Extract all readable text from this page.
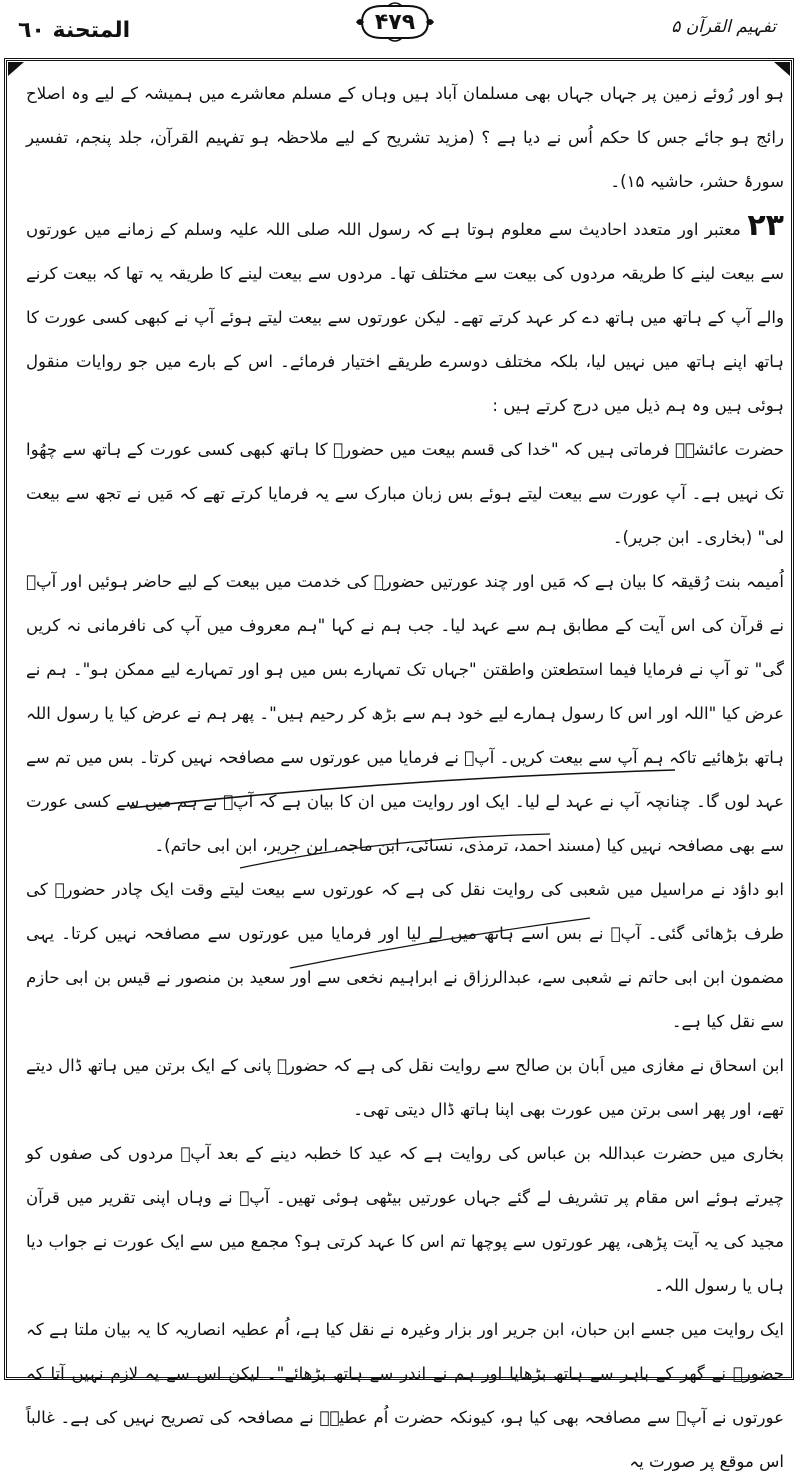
المتحنة ٦٠	۴۷۹	تفہیم القرآن ۵

ہو اور رُوئے زمین پر جہاں جہاں بھی مسلمان آباد ہیں وہاں کے مسلم معاشرے میں ہمیشہ کے لیے وہ اصلاح رائج ہو جائے جس کا حکم اُس نے دیا ہے ؟ (مزید تشریح کے لیے ملاحظہ ہو تفہیم القرآن، جلد پنجم، تفسیر سورۂ حشر، حاشیہ ۱۵)۔

۲۳ معتبر اور متعدد احادیث سے معلوم ہوتا ہے کہ رسول اللہ صلی اللہ علیہ وسلم کے زمانے میں عورتوں سے بیعت لینے کا طریقہ مردوں کی بیعت سے مختلف تھا۔ مردوں سے بیعت لینے کا طریقہ یہ تھا کہ بیعت کرنے والے آپ کے ہاتھ میں ہاتھ دے کر عہد کرتے تھے۔ لیکن عورتوں سے بیعت لیتے ہوئے آپ نے کبھی کسی عورت کا ہاتھ اپنے ہاتھ میں نہیں لیا، بلکہ مختلف دوسرے طریقے اختیار فرمائے۔ اس کے بارے میں جو روایات منقول ہوئی ہیں وہ ہم ذیل میں درج کرتے ہیں :

حضرت عائشہؓ فرماتی ہیں کہ "خدا کی قسم بیعت میں حضورؐ کا ہاتھ کبھی کسی عورت کے ہاتھ سے چھُوا تک نہیں ہے۔ آپ عورت سے بیعت لیتے ہوئے بس زبان مبارک سے یہ فرمایا کرتے تھے کہ مَیں نے تجھ سے بیعت لی" (بخاری۔ ابن جریر)۔

اُمیمہ بنت رُقیقہ کا بیان ہے کہ مَیں اور چند عورتیں حضورؐ کی خدمت میں بیعت کے لیے حاضر ہوئیں اور آپؐ نے قرآن کی اس آیت کے مطابق ہم سے عہد لیا۔ جب ہم نے کہا "ہم معروف میں آپ کی نافرمانی نہ کریں گی" تو آپ نے فرمایا فیما استطعتن واطقتن "جہاں تک تمہارے بس میں ہو اور تمہارے لیے ممکن ہو"۔ ہم نے عرض کیا "اللہ اور اس کا رسول ہمارے لیے خود ہم سے بڑھ کر رحیم ہیں"۔ پھر ہم نے عرض کیا یا رسول اللہ ہاتھ بڑھائیے تاکہ ہم آپ سے بیعت کریں۔ آپؐ نے فرمایا میں عورتوں سے مصافحہ نہیں کرتا۔ بس میں تم سے عہد لوں گا۔ چنانچہ آپ نے عہد لے لیا۔ ایک اور روایت میں ان کا بیان ہے کہ آپؐ نے ہم میں سے کسی عورت سے بھی مصافحہ نہیں کیا (مسند احمد، ترمذی، نسائی، ابن ماجہ، ابن جریر، ابن ابی حاتم)۔

ابو داؤد نے مراسیل میں شعبی کی روایت نقل کی ہے کہ عورتوں سے بیعت لیتے وقت ایک چادر حضورؐ کی طرف بڑھائی گئی۔ آپؐ نے بس اسے ہاتھ میں لے لیا اور فرمایا میں عورتوں سے مصافحہ نہیں کرتا۔ یہی مضمون ابن ابی حاتم نے شعبی سے، عبدالرزاق نے ابراہیم نخعی سے اور سعید بن منصور نے قیس بن ابی حازم سے نقل کیا ہے۔

ابن اسحاق نے مغازی میں اَبان بن صالح سے روایت نقل کی ہے کہ حضورؐ پانی کے ایک برتن میں ہاتھ ڈال دیتے تھے، اور پھر اسی برتن میں عورت بھی اپنا ہاتھ ڈال دیتی تھی۔

بخاری میں حضرت عبداللہ بن عباس کی روایت ہے کہ عید کا خطبہ دینے کے بعد آپؐ مردوں کی صفوں کو چیرتے ہوئے اس مقام پر تشریف لے گئے جہاں عورتیں بیٹھی ہوئی تھیں۔ آپؐ نے وہاں اپنی تقریر میں قرآن مجید کی یہ آیت پڑھی، پھر عورتوں سے پوچھا تم اس کا عہد کرتی ہو؟ مجمع میں سے ایک عورت نے جواب دیا ہاں یا رسول اللہ۔

ایک روایت میں جسے ابن حبان، ابن جریر اور بزار وغیرہ نے نقل کیا ہے، اُم عطیہ انصاریہ کا یہ بیان ملتا ہے کہ حضورؐ نے گھر کے باہر سے ہاتھ بڑھایا اور ہم نے اندر سے ہاتھ بڑھائے"۔ لیکن اس سے یہ لازم نہیں آتا کہ عورتوں نے آپؐ سے مصافحہ بھی کیا ہو، کیونکہ حضرت اُم عطیہؓ نے مصافحہ کی تصریح نہیں کی ہے۔ غالباً اس موقع پر صورت یہ
